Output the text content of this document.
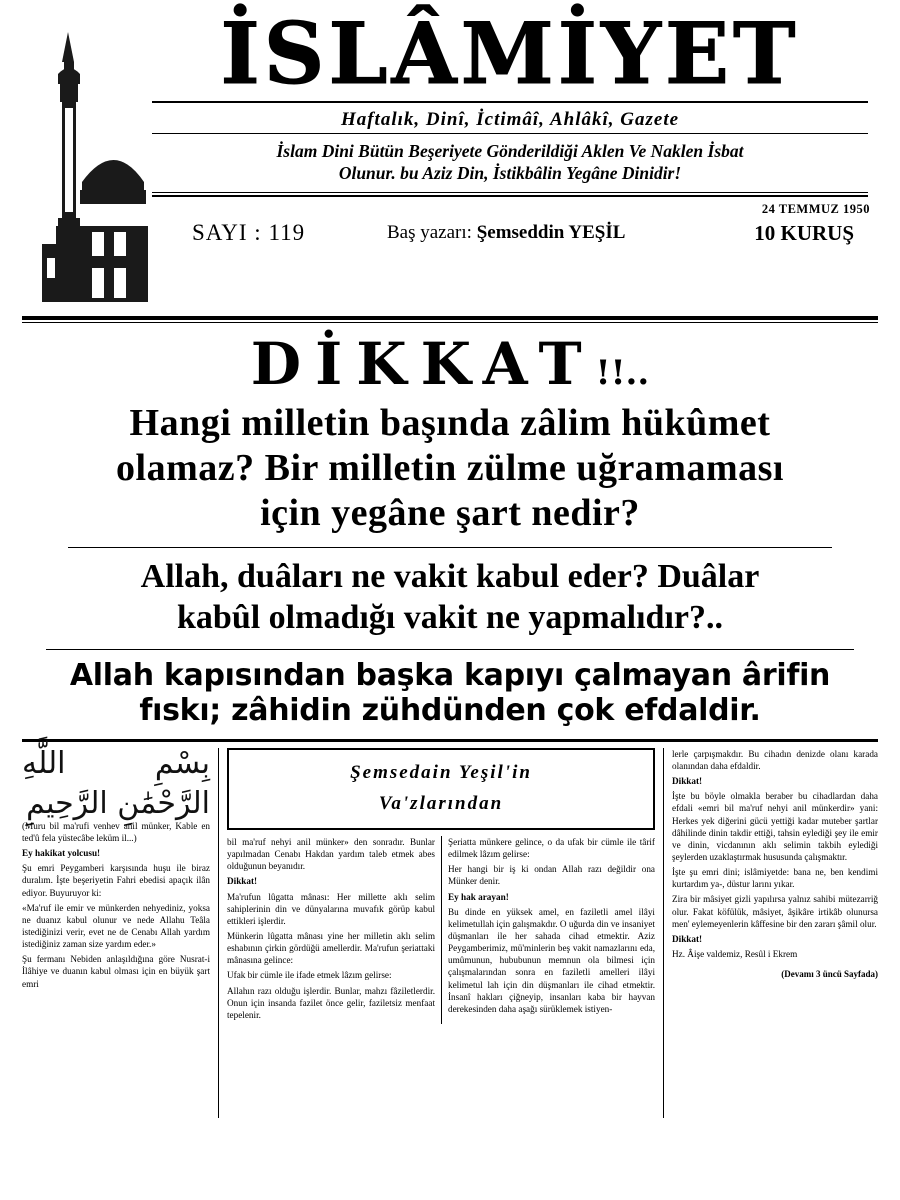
İSLÂMİYET
Haftalık, Dinî, İctimâî, Ahlâkî, Gazete
İslam Dini Bütün Beşeriyete Gönderildiği Aklen Ve Naklen İsbat
Olunur. bu Aziz Din, İstikbâlin Yegâne Dinidir!
SAYI : 119	Baş yazarı: Şemseddin YEŞİL
24 TEMMUZ 1950
10 KURUŞ
DİKKAT!!..
Hangi milletin başında zâlim hükûmet
olamaz? Bir milletin zülme uğramaması
için yegâne şart nedir?
Allah, duâları ne vakit kabul eder? Duâlar
kabûl olmadığı vakit ne yapmalıdır?..
Allah kapısından başka kapıyı çalmayan ârifin
fıskı; zâhidin zühdünden çok efdaldir.
بِسْمِ اللَّهِ الرَّحْمَٰنِ الرَّحِيمِ

(Muru bil ma'rufi venhev anil münker, Kable en ted'û fela yüstecâbe leküm il...)

Ey hakikat yolcusu!

Şu emri Peygamberi karşısında huşu ile biraz duralım. İşte beşeriyetin Fahri ebedisi apaçık ilân ediyor. Buyuruyor ki:

«Ma'ruf ile emir ve münkerden nehyediniz, yoksa ne duanız kabul olunur ve nede Allahu Teâla istediğinizi verir, evet ne de Cenabı Allah yardım istediğiniz zaman size yardım eder.»

Şu fermanı Nebiden anlaşıldığına göre Nusrat-i İlâhiye ve duanın kabul olması için en büyük şart emri

Şemsedain Yeşil'in
Va'zlarından

bil ma'ruf nehyi anil münker» den sonradır. Bunlar yapılmadan Cenabı Hakdan yardım taleb etmek abes olduğunun beyanıdır.

Dikkat!

Ma'rufun lûgatta mânası: Her millette aklı selim sahiplerinin din ve dünyalarına muvafık görüp kabul ettikleri işlerdir.

Münkerin lûgatta mânası yine her milletin aklı selim eshabının çirkin gördüğü amellerdir. Ma'rufun şeriattaki mânasına gelince:

Ufak bir cümle ile ifade etmek lâzım gelirse:

Allahın razı olduğu işlerdir. Bunlar, mahzı fâziletlerdir. Onun için insanda fazilet önce gelir, faziletsiz menfaat tepelenir.

Şeriatta münkere gelince, o da ufak bir cümle ile târif edilmek lâzım gelirse:

Her hangi bir iş ki ondan Allah razı değildir ona Münker denir.

Ey hak arayan!

Bu dinde en yüksek amel, en faziletli amel ilâyi kelimetullah için galışmakdır. O uğurda din ve insaniyet düşmanları ile her sahada cihad etmektir. Aziz Peygamberimiz, mü'minlerin beş vakit namazlarını eda, umûmunun, hububunun memnun ola bilmesi için çalışmalarından sonra en faziletli amelleri ilâyi kelimetul lah için din düşmanları ile cihad etmektir. İnsanî hakları çiğneyip, insanları kaba bir hayvan derekesinden daha aşağı sürüklemek istiyen-

lerle çarpışmakdır. Bu cihadın denizde olanı karada olanından daha efdaldir.

Dikkat!

İşte bu böyle olmakla beraber bu cihadlardan daha efdali «emri bil ma'ruf nehyi anil münkerdir» yani: Herkes yek diğerini gücü yettiği kadar muteber şartlar dâhilinde dinin takdir ettiği, tahsin eylediği şey ile emir ve dinin, vicdanının aklı selimin takbih eylediği şeylerden uzaklaştırmak hususunda çalışmaktır.

İşte şu emri dini; islâmiyetde: bana ne, ben kendimi kurtardım ya-, düstur larını yıkar.

Zira bir mâsiyet gizli yapılırsa yalnız sahibi mütezarriğ olur. Fakat köfülük, mâsiyet, âşikâre irtikâb olunursa men' eylemeyenlerin kâffesine bir den zararı şâmil olur.

Dikkat!

Hz. Âişe valdemiz, Resûl i Ekrem

(Devamı 3 üncü Sayfada)
